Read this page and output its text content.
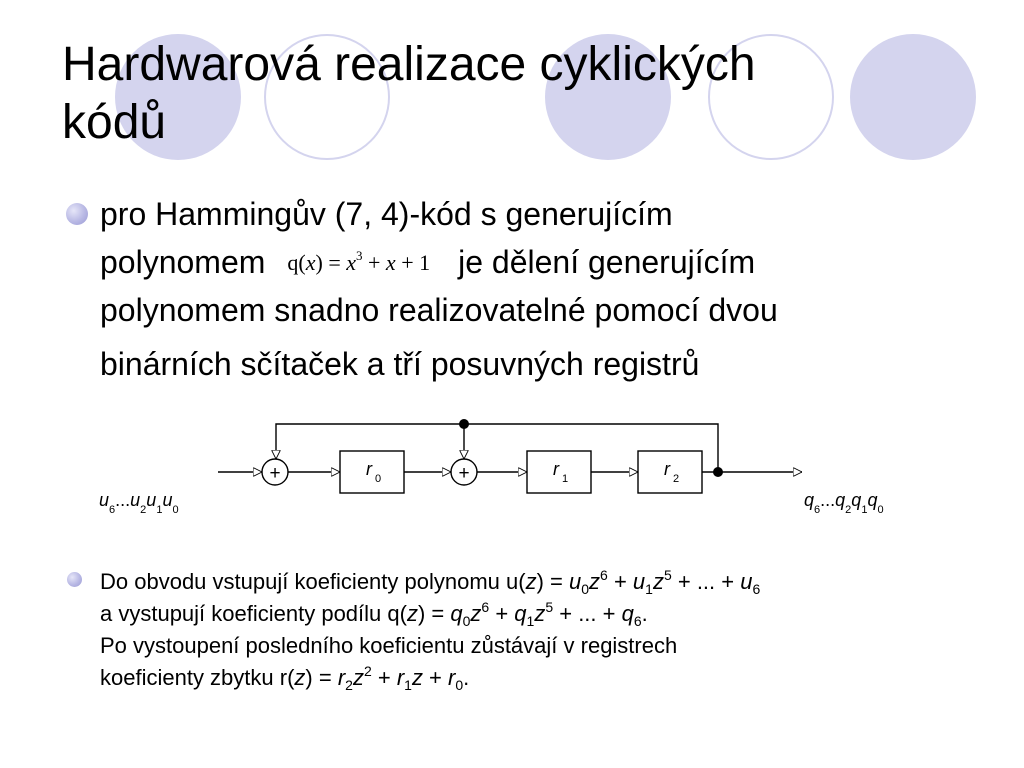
Hardwarová realizace cyklických
kódů
pro Hammingův (7, 4)-kód s generujícím
polynomem $q(x) = x^3 + x + 1$ je dělení generujícím
polynomem snadno realizovatelné pomocí dvou
binárních sčítaček a tří posuvných registrů
+	+
r $_0$	r $_1$	r $_2$
$u_6...u_2u_1u_0$	$q_6...q_2q_1q_0$
Do obvodu vstupují koeficienty polynomu $u(z) = u_0z^6 + u_1z^5$ + ... + $u_6$
a vystupují koeficienty podílu $q(z) = q_0z^6 + q_1z^5$ + ... + $q_6$.
Po vystoupení posledního koeficientu zůstávají v registrech
koeficienty zbytku $r(z) = r_2z^2 + r_1z + r_0$.
